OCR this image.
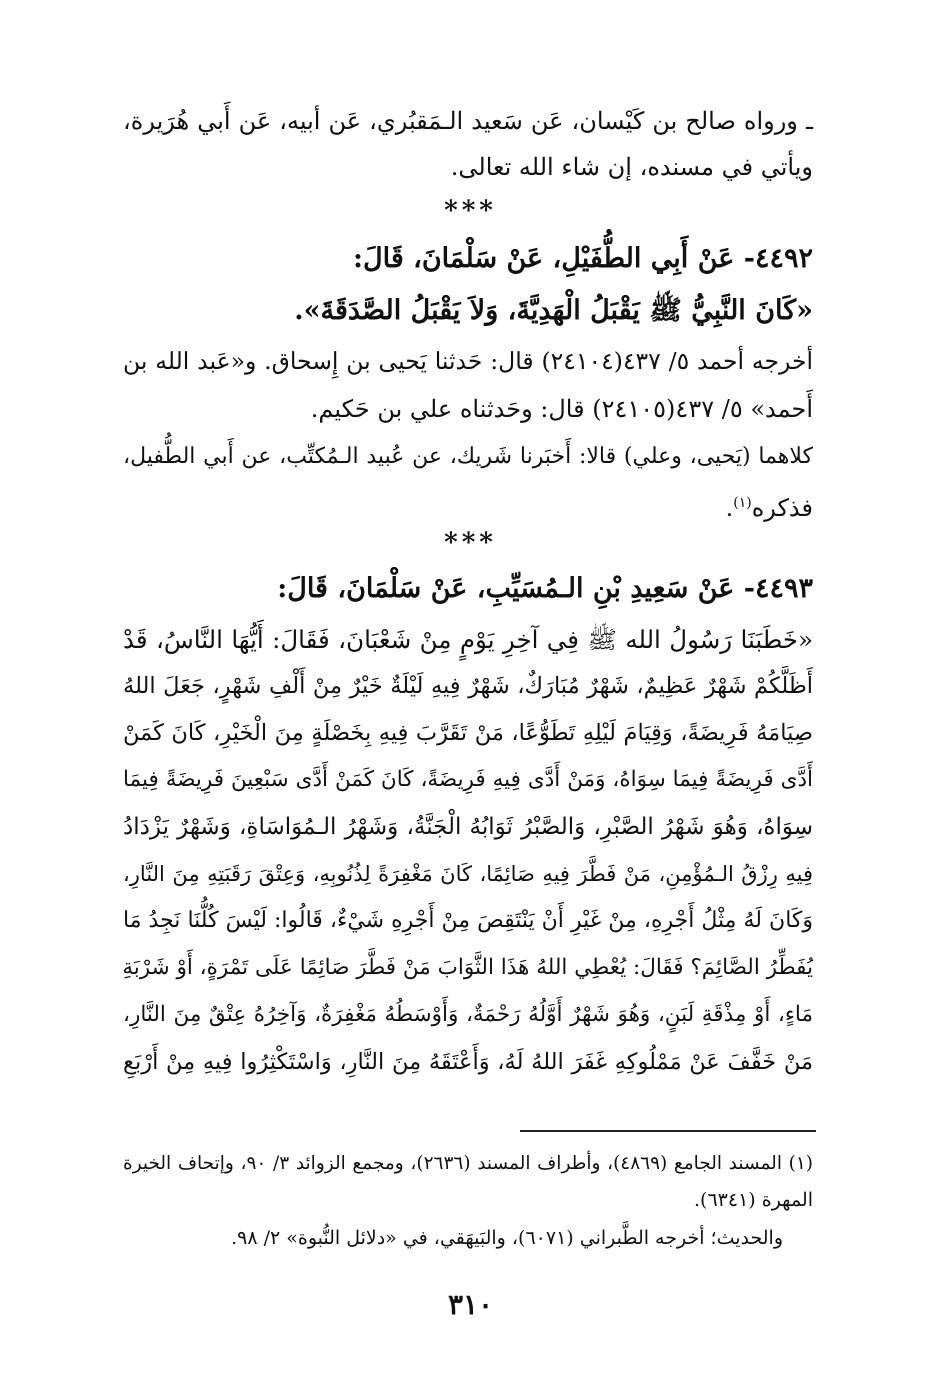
ـ ورواه صالح بن كَيْسان، عَن سَعيد الـمَقبُري، عَن أبيه، عَن أَبي هُرَيرة،
ويأتي في مسنده، إن شاء الله تعالى.
***
٤٤٩٢- عَنْ أَبِي الطُّفَيْلِ، عَنْ سَلْمَانَ، قَالَ:
«كَانَ النَّبِيُّ ﷺ يَقْبَلُ الْهَدِيَّةَ، وَلاَ يَقْبَلُ الصَّدَقَةَ».
أخرجه أحمد ٥/ ٤٣٧(٢٤١٠٤) قال: حَدثنا يَحيى بن إِسحاق. و«عَبد الله بن
أَحمد» ٥/ ٤٣٧(٢٤١٠٥) قال: وحَدثناه علي بن حَكيم.
كلاهما (يَحيى، وعلي) قالا: أَخبَرنا شَريك، عن عُبيد الـمُكتِّب، عن أَبي الطُّفيل،
فذكره$^{(١)}$.
***
٤٤٩٣- عَنْ سَعِيدِ بْنِ الـمُسَيِّبِ، عَنْ سَلْمَانَ، قَالَ:
«خَطَبَنَا رَسُولُ الله ﷺ فِي آخِرِ يَوْمٍ مِنْ شَعْبَانَ، فَقَالَ: أَيُّهَا النَّاسُ، قَدْ
أَظَلَّكُمْ شَهْرٌ عَظِيمٌ، شَهْرٌ مُبَارَكٌ، شَهْرٌ فِيهِ لَيْلَةٌ خَيْرٌ مِنْ أَلْفِ شَهْرٍ، جَعَلَ اللهُ
صِيَامَهُ فَرِيضَةً، وَقِيَامَ لَيْلِهِ تَطَوُّعًا، مَنْ تَقَرَّبَ فِيهِ بِخَصْلَةٍ مِنَ الْخَيْرِ، كَانَ كَمَنْ
أَدَّى فَرِيضَةً فِيمَا سِوَاهُ، وَمَنْ أَدَّى فِيهِ فَرِيضَةً، كَانَ كَمَنْ أَدَّى سَبْعِينَ فَرِيضَةً فِيمَا
سِوَاهُ، وَهُوَ شَهْرُ الصَّبْرِ، وَالصَّبْرُ ثَوَابُهُ الْجَنَّةُ، وَشَهْرُ الـمُوَاسَاةِ، وَشَهْرٌ يَزْدَادُ
فِيهِ رِزْقُ الـمُؤْمِنِ، مَنْ فَطَّرَ فِيهِ صَائِمًا، كَانَ مَغْفِرَةً لِذُنُوبِهِ، وَعِتْقَ رَقَبَتِهِ مِنَ النَّارِ،
وَكَانَ لَهُ مِثْلُ أَجْرِهِ، مِنْ غَيْرِ أَنْ يَنْتَقِصَ مِنْ أَجْرِهِ شَيْءٌ، قَالُوا: لَيْسَ كُلُّنَا نَجِدُ مَا
يُفَطِّرُ الصَّائِمَ؟ فَقَالَ: يُعْطِي اللهُ هَذَا الثَّوَابَ مَنْ فَطَّرَ صَائِمًا عَلَى تَمْرَةٍ، أَوْ شَرْبَةِ
مَاءٍ، أَوْ مِذْقَةِ لَبَنٍ، وَهُوَ شَهْرٌ أَوَّلُهُ رَحْمَةٌ، وَأَوْسَطُهُ مَغْفِرَةٌ، وَآخِرُهُ عِتْقٌ مِنَ النَّارِ،
مَنْ خَفَّفَ عَنْ مَمْلُوكِهِ غَفَرَ اللهُ لَهُ، وَأَعْتَقَهُ مِنَ النَّارِ، وَاسْتَكْثِرُوا فِيهِ مِنْ أَرْبَعِ
(١) المسند الجامع (٤٨٦٩)، وأطراف المسند (٢٦٣٦)، ومجمع الزوائد ٣/ ٩٠، وإتحاف الخيرة
المهرة (٦٣٤١).
والحديث؛ أخرجه الطَّبراني (٦٠٧١)، والبَيهَقي، في «دلائل النُّبوة» ٢/ ٩٨.
٣١٠
